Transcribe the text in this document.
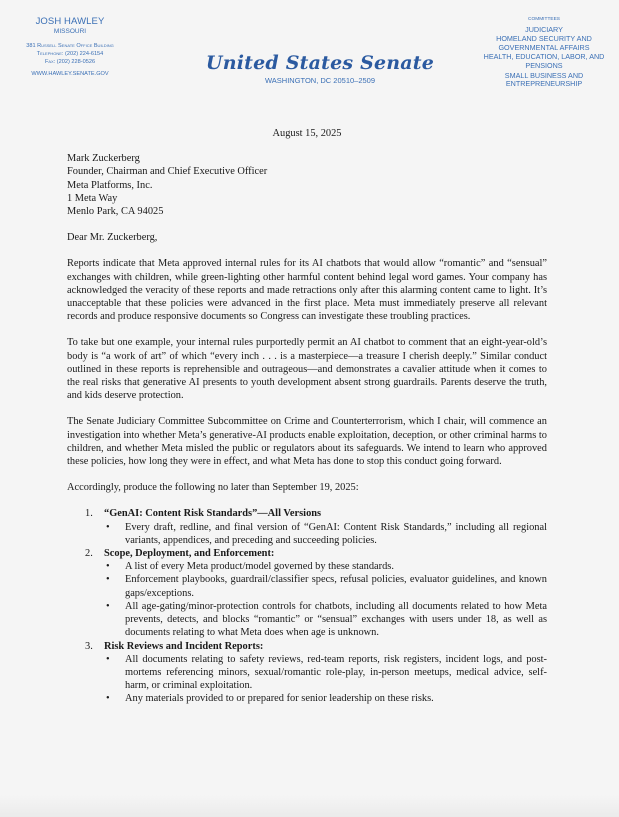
JOSH HAWLEY
MISSOURI
381 Russell Senate Office Building
Telephone: (202) 224-6154
Fax: (202) 228-0526
WWW.HAWLEY.SENATE.GOV	United States Senate
WASHINGTON, DC 20510–2509
COMMITTEES
JUDICIARY
HOMELAND SECURITY AND GOVERNMENTAL AFFAIRS
HEALTH, EDUCATION, LABOR, AND PENSIONS
SMALL BUSINESS AND ENTREPRENEURSHIP
August 15, 2025
Mark Zuckerberg
Founder, Chairman and Chief Executive Officer
Meta Platforms, Inc.
1 Meta Way
Menlo Park, CA 94025
Dear Mr. Zuckerberg,

Reports indicate that Meta approved internal rules for its AI chatbots that would allow “romantic” and “sensual” exchanges with children, while green-lighting other harmful content behind legal word games. Your company has acknowledged the veracity of these reports and made retractions only after this alarming content came to light. It’s unacceptable that these policies were advanced in the first place. Meta must immediately preserve all relevant records and produce responsive documents so Congress can investigate these troubling practices.

To take but one example, your internal rules purportedly permit an AI chatbot to comment that an eight-year-old’s body is “a work of art” of which “every inch . . . is a masterpiece—a treasure I cherish deeply.” Similar conduct outlined in these reports is reprehensible and outrageous—and demonstrates a cavalier attitude when it comes to the real risks that generative AI presents to youth development absent strong guardrails. Parents deserve the truth, and kids deserve protection.

The Senate Judiciary Committee Subcommittee on Crime and Counterterrorism, which I chair, will commence an investigation into whether Meta’s generative-AI products enable exploitation, deception, or other criminal harms to children, and whether Meta misled the public or regulators about its safeguards. We intend to learn who approved these policies, how long they were in effect, and what Meta has done to stop this conduct going forward.

Accordingly, produce the following no later than September 19, 2025:

1. “GenAI: Content Risk Standards”—All Versions
• Every draft, redline, and final version of “GenAI: Content Risk Standards,” including all regional variants, appendices, and preceding and succeeding policies.
2. Scope, Deployment, and Enforcement:
• A list of every Meta product/model governed by these standards.
• Enforcement playbooks, guardrail/classifier specs, refusal policies, evaluator guidelines, and known gaps/exceptions.
• All age-gating/minor-protection controls for chatbots, including all documents related to how Meta prevents, detects, and blocks “romantic” or “sensual” exchanges with users under 18, as well as documents relating to what Meta does when age is unknown.
3. Risk Reviews and Incident Reports:
• All documents relating to safety reviews, red-team reports, risk registers, incident logs, and post-mortems referencing minors, sexual/romantic role-play, in-person meetups, medical advice, self-harm, or criminal exploitation.
• Any materials provided to or prepared for senior leadership on these risks.
